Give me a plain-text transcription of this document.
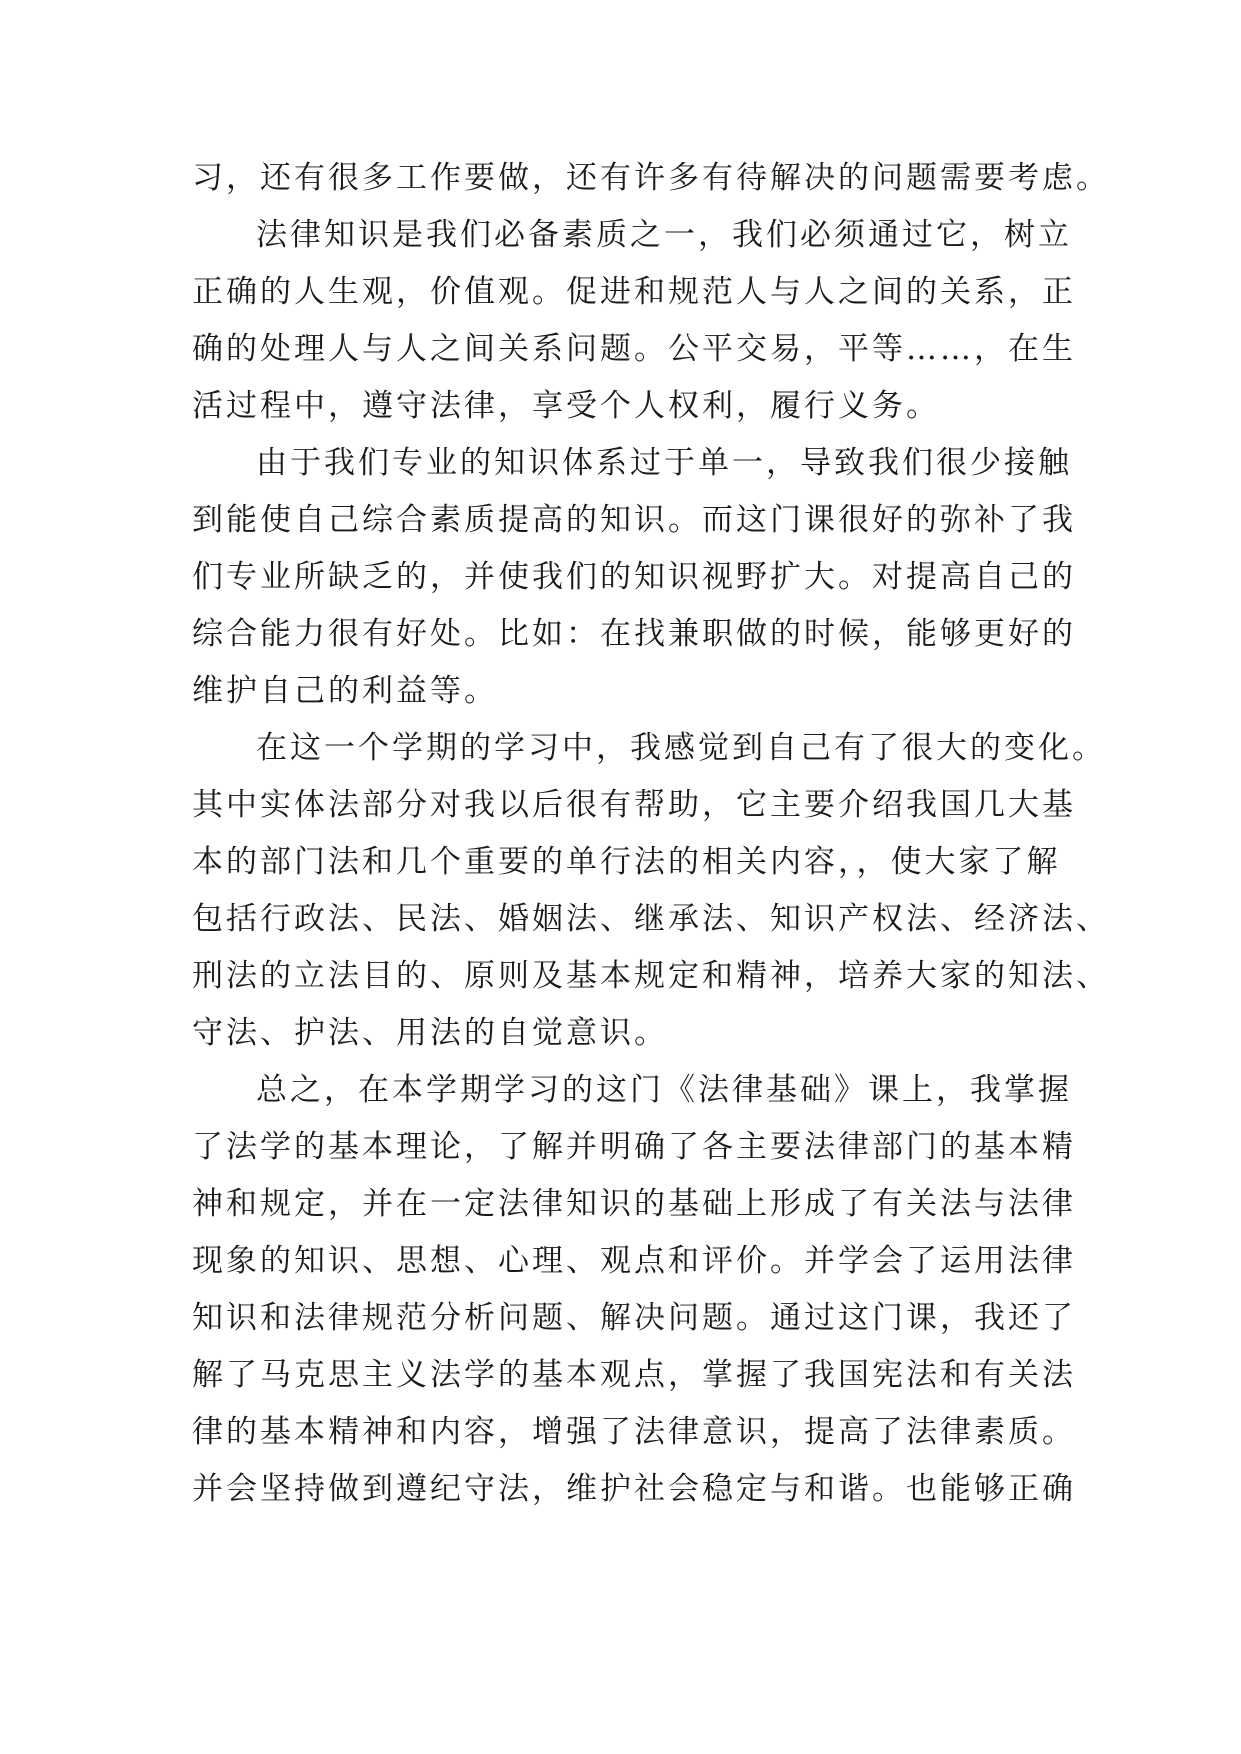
习，还有很多工作要做，还有许多有待解决的问题需要考虑。
法律知识是我们必备素质之一，我们必须通过它，树立
正确的人生观，价值观。促进和规范人与人之间的关系，正
确的处理人与人之间关系问题。公平交易，平等……，在生
活过程中，遵守法律，享受个人权利，履行义务。
由于我们专业的知识体系过于单一，导致我们很少接触
到能使自己综合素质提高的知识。而这门课很好的弥补了我
们专业所缺乏的，并使我们的知识视野扩大。对提高自己的
综合能力很有好处。比如：在找兼职做的时候，能够更好的
维护自己的利益等。
在这一个学期的学习中，我感觉到自己有了很大的变化。
其中实体法部分对我以后很有帮助，它主要介绍我国几大基
本的部门法和几个重要的单行法的相关内容，，使大家了解
包括行政法、民法、婚姻法、继承法、知识产权法、经济法、
刑法的立法目的、原则及基本规定和精神，培养大家的知法、
守法、护法、用法的自觉意识。
总之，在本学期学习的这门《法律基础》课上，我掌握
了法学的基本理论，了解并明确了各主要法律部门的基本精
神和规定，并在一定法律知识的基础上形成了有关法与法律
现象的知识、思想、心理、观点和评价。并学会了运用法律
知识和法律规范分析问题、解决问题。通过这门课，我还了
解了马克思主义法学的基本观点，掌握了我国宪法和有关法
律的基本精神和内容，增强了法律意识，提高了法律素质。
并会坚持做到遵纪守法，维护社会稳定与和谐。也能够正确
